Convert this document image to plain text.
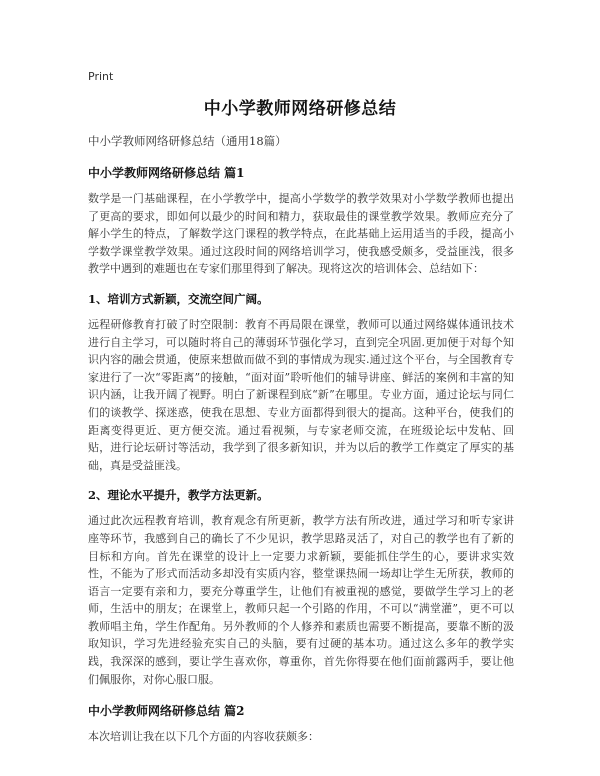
Print
中小学教师网络研修总结
中小学教师网络研修总结（通用18篇）
中小学教师网络研修总结 篇1

数学是一门基础课程，在小学教学中，提高小学数学的教学效果对小学数学教师也提出了更高的要求，即如何以最少的时间和精力，获取最佳的课堂教学效果。教师应充分了解小学生的特点，了解数学这门课程的教学特点，在此基础上运用适当的手段，提高小学数学课堂教学效果。通过这段时间的网络培训学习，使我感受颇多，受益匪浅，很多教学中遇到的难题也在专家们那里得到了解决。现将这次的培训体会、总结如下：

1、培训方式新颖，交流空间广阔。

远程研修教育打破了时空限制：教育不再局限在课堂，教师可以通过网络媒体通讯技术进行自主学习，可以随时将自己的薄弱环节强化学习，直到完全巩固.更加便于对每个知识内容的融会贯通，使原来想做而做不到的事情成为现实.通过这个平台，与全国教育专家进行了一次“零距离”的接触，“面对面”聆听他们的辅导讲座、鲜活的案例和丰富的知识内涵，让我开阔了视野。明白了新课程到底“新”在哪里。专业方面，通过论坛与同仁们的谈教学、探迷惑，使我在思想、专业方面都得到很大的提高。这种平台，使我们的距离变得更近、更方便交流。通过看视频，与专家老师交流，在班级论坛中发帖、回贴，进行论坛研讨等活动，我学到了很多新知识，并为以后的教学工作奠定了厚实的基础，真是受益匪浅。

2、理论水平提升，教学方法更新。

通过此次远程教育培训，教育观念有所更新，教学方法有所改进，通过学习和听专家讲座等环节，我感到自己的确长了不少见识，教学思路灵活了，对自己的教学也有了新的目标和方向。首先在课堂的设计上一定要力求新颖，要能抓住学生的心，要讲求实效性，不能为了形式而活动多却没有实质内容，整堂课热闹一场却让学生无所获，教师的语言一定要有亲和力，要充分尊重学生，让他们有被重视的感觉，要做学生学习上的老师，生活中的朋友；在课堂上，教师只起一个引路的作用，不可以“满堂灌”，更不可以教师唱主角，学生作配角。另外教师的个人修养和素质也需要不断提高，要靠不断的汲取知识，学习先进经验充实自己的头脑，要有过硬的基本功。通过这么多年的教学实践，我深深的感到，要让学生喜欢你，尊重你，首先你得要在他们面前露两手，要让他们佩服你，对你心服口服。

中小学教师网络研修总结 篇2

本次培训让我在以下几个方面的内容收获颇多：
